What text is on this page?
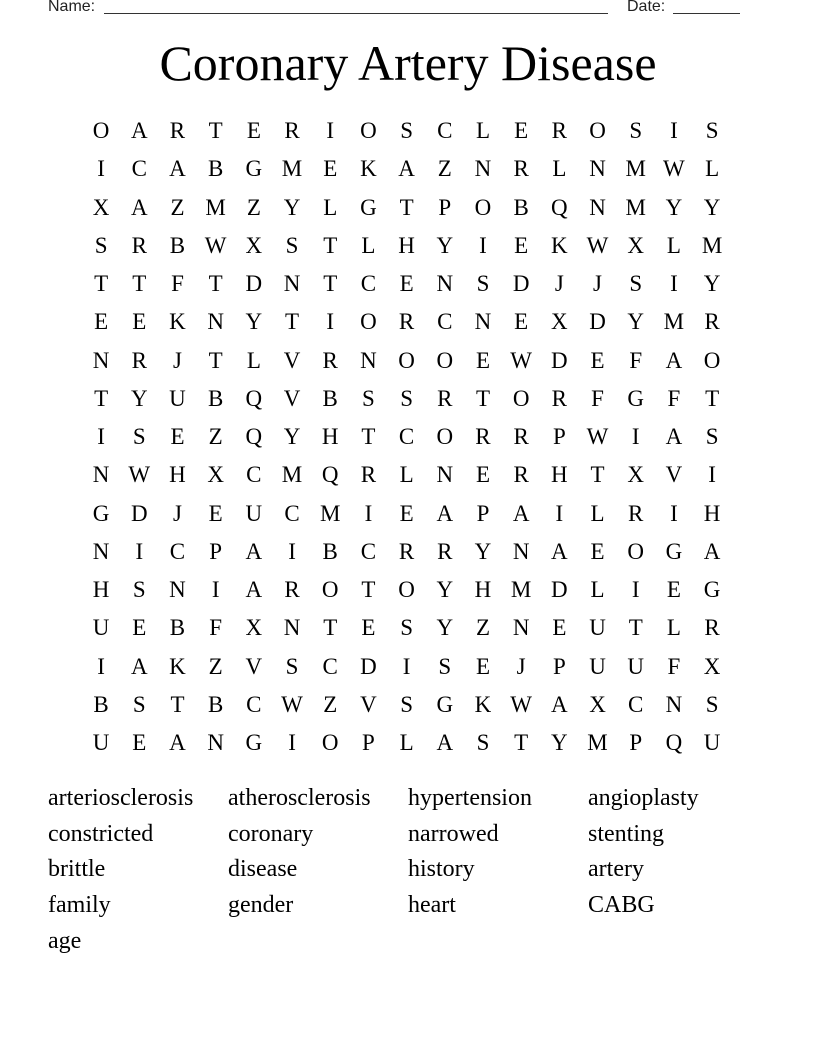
Name:	Date:
Coronary Artery Disease
O A R	T	E	R	I	O	S	C	L	E	R O	S	I	S
I	C A B G M E K A Z N R	L N M W L
X A Z M Z Y L G T	P	O B Q N M Y Y
S	R B W X	S	T	L H Y	I	E K W X L M
T	T	F	T D N T	C	E N	S	D	J	J	S	I	Y
E	E K N Y T	I	O R C N E X D Y M R
N R	J	T	L V R N O O E W D E	F	A O
T Y U B Q V B	S	S	R	T O R	F	G	F	T
I	S	E	Z Q Y H T	C O R R	P W	I	A	S
N W H X C M Q R	L N E	R H T X V	I
G D	J	E U C M	I	E A	P	A	I	L	R	I	H
N	I	C	P	A	I	B C R R Y N A E O G A
H	S	N	I	A R O T O Y H M D L	I	E G
U E	B	F	X N T	E	S	Y Z N E U T	L	R
I	A K Z V	S	C D	I	S	E	J	P	U U	F	X
B	S	T	B C W Z V	S	G K W A X C N	S
U E A N G	I	O	P	L A	S	T Y M P	Q U
arteriosclerosis	atherosclerosis	hypertension	angioplasty
constricted	coronary	narrowed	stenting
brittle	disease	history	artery
family	gender	heart	CABG
age
